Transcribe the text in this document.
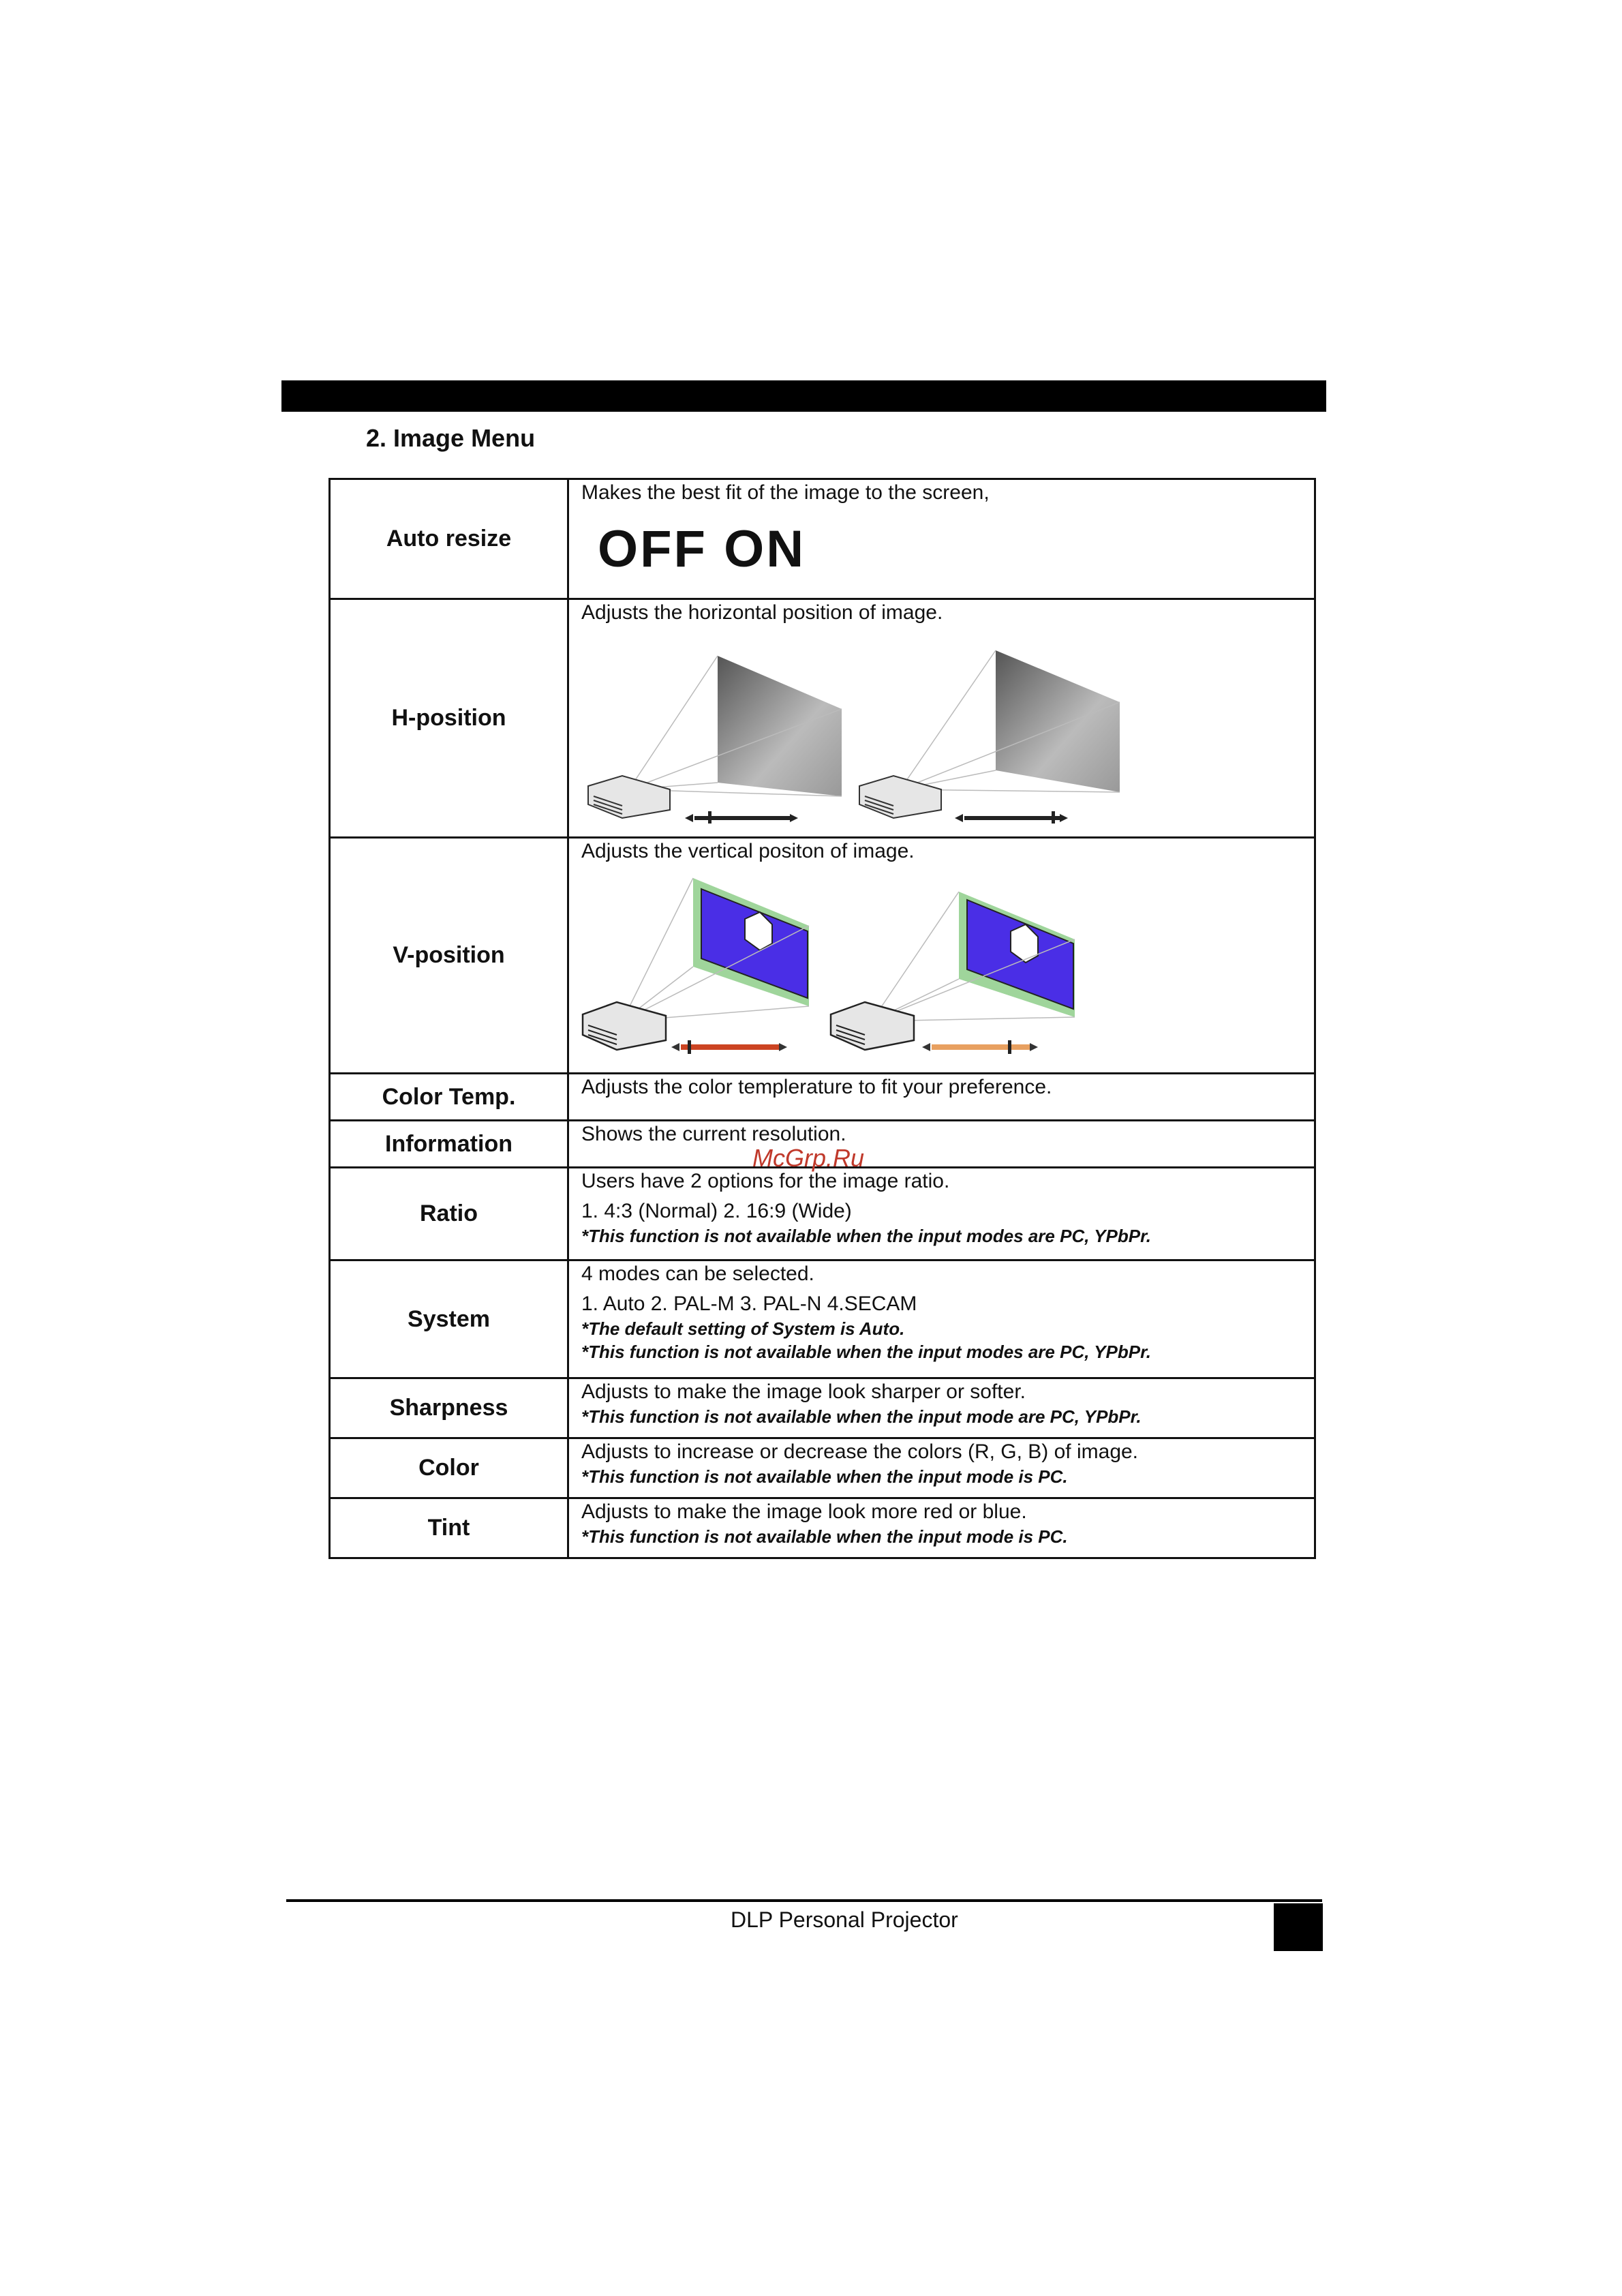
2. Image Menu
Auto resize	Makes the best fit of the image to the screen,
OFF ON

H-position	Adjusts the horizontal position of image.

V-position	Adjusts the vertical positon of image.

Color Temp.	Adjusts the color templerature to fit your preference.

Information	Shows the current resolution.

Ratio	Users have 2 options for the image ratio.
1. 4:3 (Normal) 2. 16:9 (Wide)
*This function is not available when the input modes are PC, YPbPr.

System	4 modes can be selected.
1. Auto 2. PAL-M 3. PAL-N 4.SECAM
*The default setting of System is Auto.
*This function is not available when the input modes are PC, YPbPr.

Sharpness	Adjusts to make the image look sharper or softer.
*This function is not available when the input mode are PC, YPbPr.

Color	Adjusts to increase or decrease the colors (R, G, B) of image.
*This function is not available when the input mode is PC.

Tint	Adjusts to make the image look more red or blue.
*This function is not available when the input mode is PC.
McGrp.Ru
DLP Personal Projector
